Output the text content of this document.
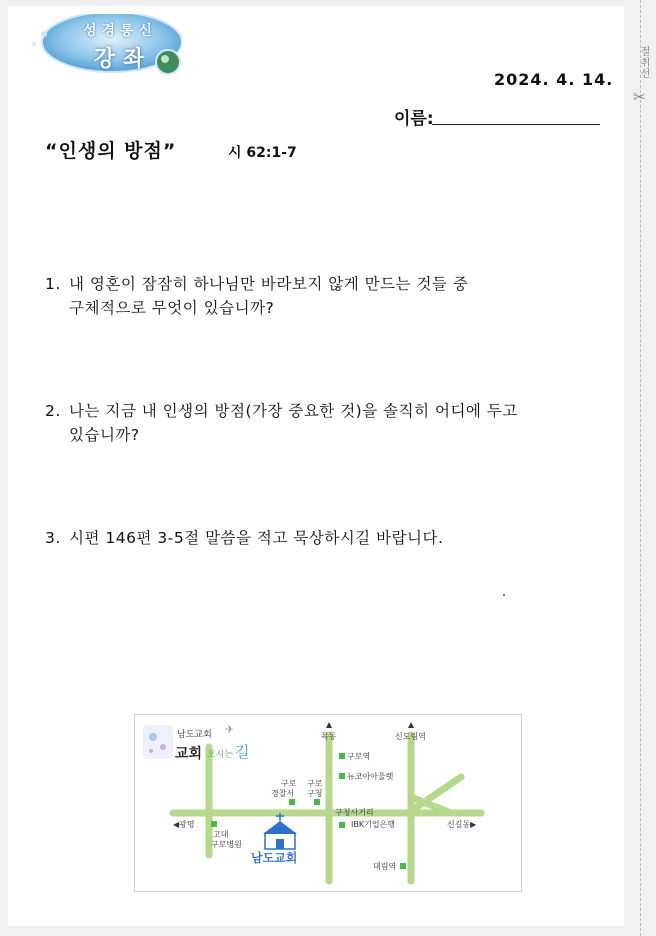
절취선
✂
성경통신
강좌
2024. 4. 14.
이름:
“인생의 방점”	시 62:1-7
1. 내 영혼이 잠잠히 하나님만 바라보지 않게 만드는 것들 중
구체적으로 무엇이 있습니까?
2. 나는 지금 내 인생의 방점(가장 중요한 것)을 솔직히 어디에 두고
있습니까?
3. 시편 146편 3-5절 말씀을 적고 묵상하시길 바랍니다.
남도교회 ✈
교회 오시는 길
목동	신도림역
구로역
뉴코아아울렛
구로
경찰서
구로
구청
구청사거리
◀광명	IBK기업은행	신길동▶
고대
구로병원
남도교회
대림역
